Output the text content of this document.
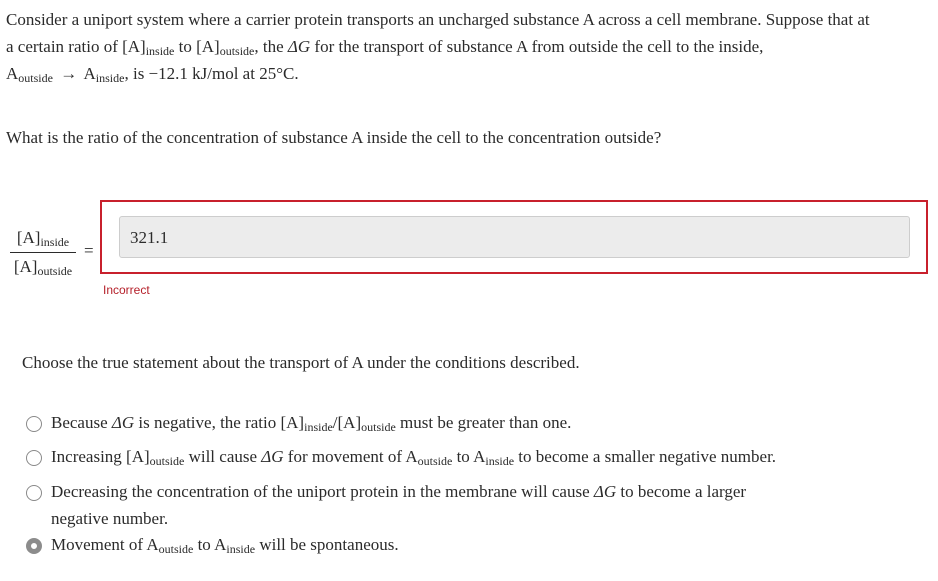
Consider a uniport system where a carrier protein transports an uncharged substance A across a cell membrane. Suppose that at
a certain ratio of $[A]_{inside}$ to $[A]_{outside}$, the ΔG for the transport of substance A from outside the cell to the inside,
$A_{outside} \to A_{inside}$, is −12.1 kJ/mol at 25°C.
What is the ratio of the concentration of substance A inside the cell to the concentration outside?
$[A]_{inside}$
$[A]_{outside}$
=
321.1
Incorrect
Choose the true statement about the transport of A under the conditions described.
Because ΔG is negative, the ratio $[A]_{inside}/[A]_{outside}$ must be greater than one.
Increasing $[A]_{outside}$ will cause ΔG for movement of $A_{outside}$ to $A_{inside}$ to become a smaller negative number.
Decreasing the concentration of the uniport protein in the membrane will cause ΔG to become a larger
negative number.
Movement of $A_{outside}$ to $A_{inside}$ will be spontaneous.
